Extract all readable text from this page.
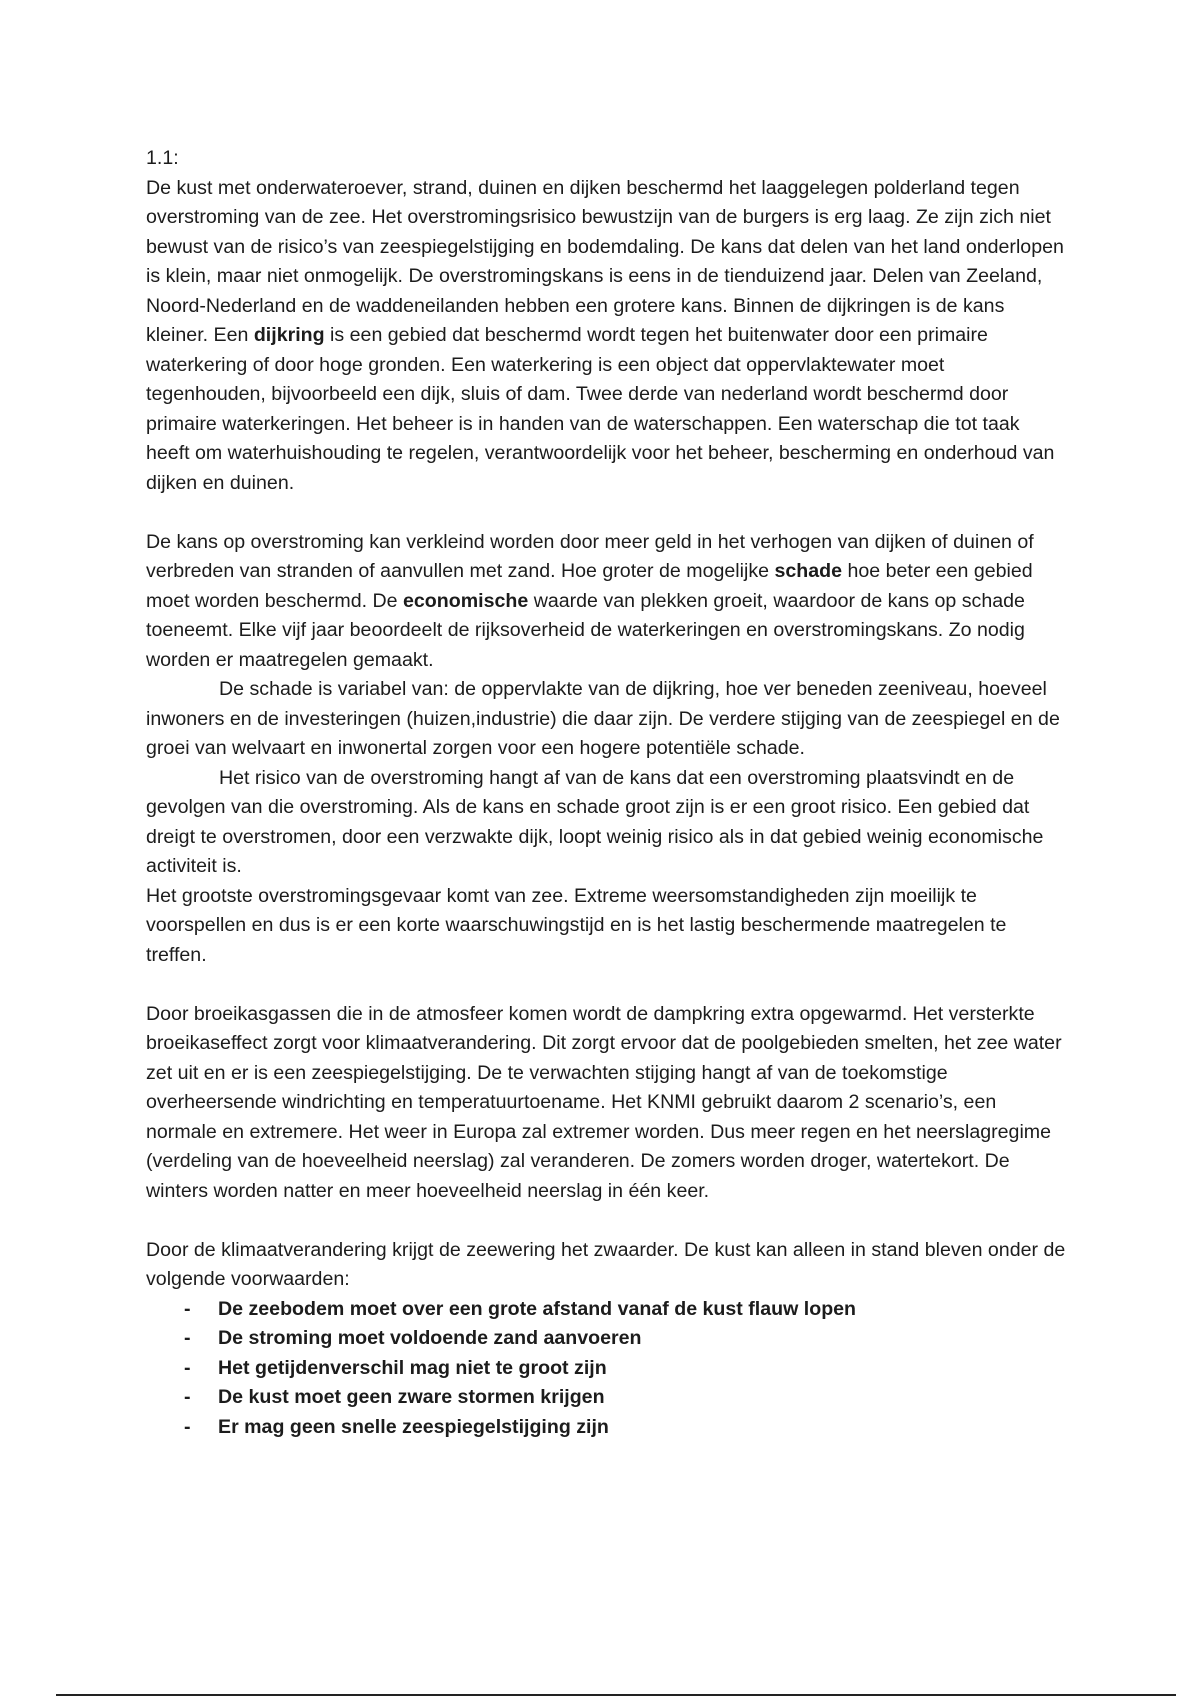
1.1:

De kust met onderwateroever, strand, duinen en dijken beschermd het laaggelegen polderland tegen overstroming van de zee. Het overstromingsrisico bewustzijn van de burgers is erg laag. Ze zijn zich niet bewust van de risico’s van zeespiegelstijging en bodemdaling. De kans dat delen van het land onderlopen is klein, maar niet onmogelijk. De overstromingskans is eens in de tienduizend jaar. Delen van Zeeland, Noord-Nederland en de waddeneilanden hebben een grotere kans. Binnen de dijkringen is de kans kleiner. Een dijkring is een gebied dat beschermd wordt tegen het buitenwater door een primaire waterkering of door hoge gronden. Een waterkering is een object dat oppervlaktewater moet tegenhouden, bijvoorbeeld een dijk, sluis of dam. Twee derde van nederland wordt beschermd door primaire waterkeringen. Het beheer is in handen van de waterschappen. Een waterschap die tot taak heeft om waterhuishouding te regelen, verantwoordelijk voor het beheer, bescherming en onderhoud van dijken en duinen.

De kans op overstroming kan verkleind worden door meer geld in het verhogen van dijken of duinen of verbreden van stranden of aanvullen met zand. Hoe groter de mogelijke schade hoe beter een gebied moet worden beschermd. De economische waarde van plekken groeit, waardoor de kans op schade toeneemt. Elke vijf jaar beoordeelt de rijksoverheid de waterkeringen en overstromingskans. Zo nodig worden er maatregelen gemaakt.

De schade is variabel van: de oppervlakte van de dijkring, hoe ver beneden zeeniveau, hoeveel inwoners en de investeringen (huizen,industrie) die daar zijn. De verdere stijging van de zeespiegel en de groei van welvaart en inwonertal zorgen voor een hogere potentiële schade.

Het risico van de overstroming hangt af van de kans dat een overstroming plaatsvindt en de gevolgen van die overstroming. Als de kans en schade groot zijn is er een groot risico. Een gebied dat dreigt te overstromen, door een verzwakte dijk, loopt weinig risico als in dat gebied weinig economische activiteit is.

Het grootste overstromingsgevaar komt van zee. Extreme weersomstandigheden zijn moeilijk te voorspellen en dus is er een korte waarschuwingstijd en is het lastig beschermende maatregelen te treffen.

Door broeikasgassen die in de atmosfeer komen wordt de dampkring extra opgewarmd. Het versterkte broeikaseffect zorgt voor klimaatverandering. Dit zorgt ervoor dat de poolgebieden smelten, het zee water zet uit en er is een zeespiegelstijging. De te verwachten stijging hangt af van de toekomstige overheersende windrichting en temperatuurtoename. Het KNMI gebruikt daarom 2 scenario’s, een normale en extremere. Het weer in Europa zal extremer worden. Dus meer regen en het neerslagregime (verdeling van de hoeveelheid neerslag) zal veranderen. De zomers worden droger, watertekort. De winters worden natter en meer hoeveelheid neerslag in één keer.

Door de klimaatverandering krijgt de zeewering het zwaarder. De kust kan alleen in stand bleven onder de volgende voorwaarden:

- De zeebodem moet over een grote afstand vanaf de kust flauw lopen
- De stroming moet voldoende zand aanvoeren
- Het getijdenverschil mag niet te groot zijn
- De kust moet geen zware stormen krijgen
- Er mag geen snelle zeespiegelstijging zijn
